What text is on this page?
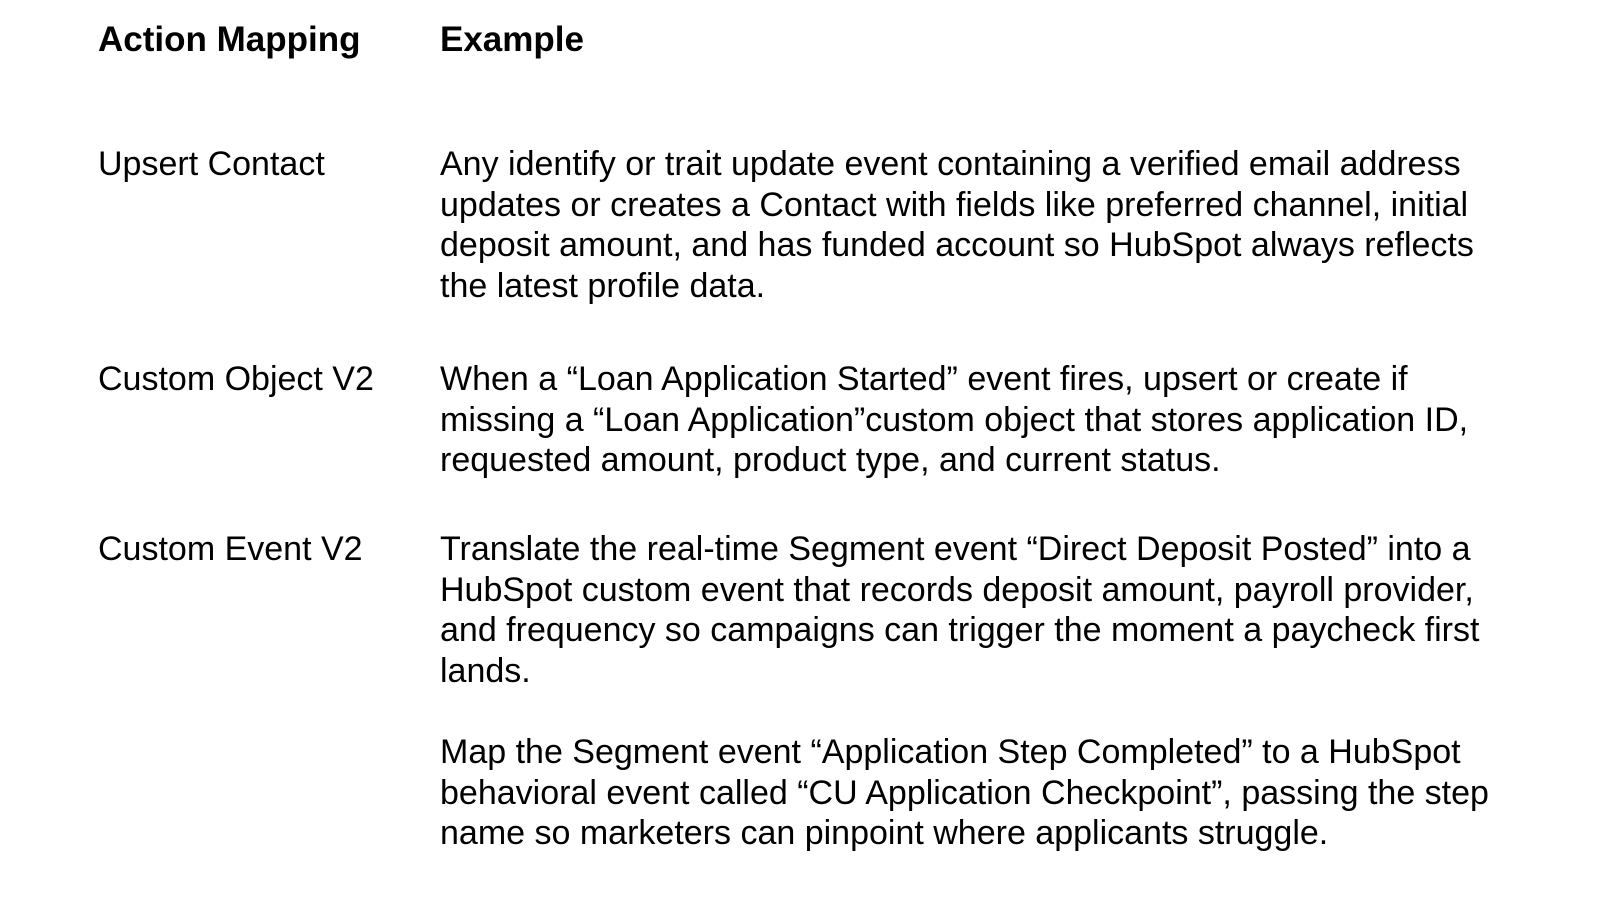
Action Mapping Example
Upsert Contact	Any identify or trait update event containing a verified email address
updates or creates a Contact with fields like preferred channel, initial
deposit amount, and has funded account so HubSpot always reflects
the latest profile data.

Custom Object V2 When a “Loan Application Started” event fires, upsert or create if
missing a “Loan Application”custom object that stores application ID,
requested amount, product type, and current status.

Custom Event V2 Translate the real-time Segment event “Direct Deposit Posted” into a
HubSpot custom event that records deposit amount, payroll provider,
and frequency so campaigns can trigger the moment a paycheck first
lands.

Map the Segment event “Application Step Completed” to a HubSpot
behavioral event called “CU Application Checkpoint”, passing the step
name so marketers can pinpoint where applicants struggle.
